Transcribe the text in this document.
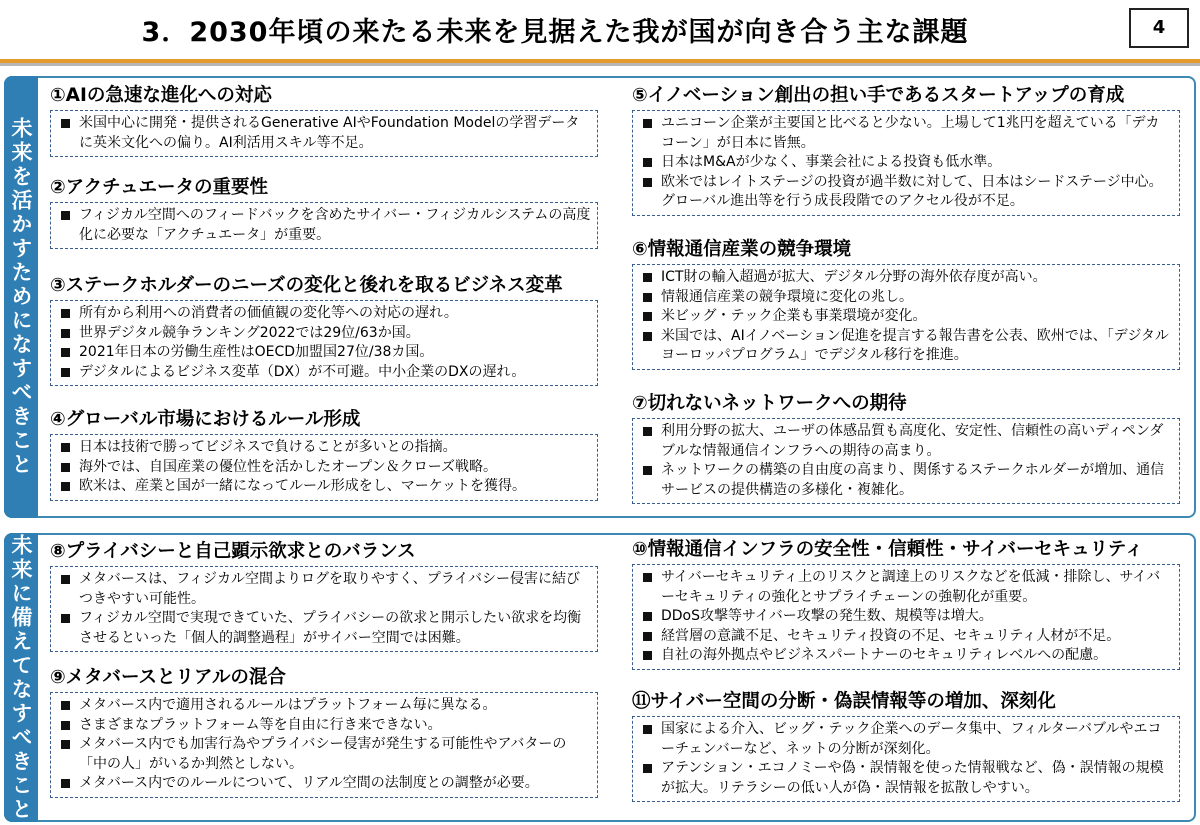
3．2030年頃の来たる未来を見据えた我が国が向き合う主な課題	4
未来を活かすためになすべきこと
未来に備えてなすべきこと
①AIの急速な進化への対応
米国中心に開発・提供されるGenerative AIやFoundation Modelの学習データに英米文化への偏り。AI利活用スキル等不足。
②アクチュエータの重要性
フィジカル空間へのフィードバックを含めたサイバー・フィジカルシステムの高度化に必要な「アクチュエータ」が重要。
③ステークホルダーのニーズの変化と後れを取るビジネス変革
所有から利用への消費者の価値観の変化等への対応の遅れ。
世界デジタル競争ランキング2022では29位/63か国。
2021年日本の労働生産性はOECD加盟国27位/38カ国。
デジタルによるビジネス変革（DX）が不可避。中小企業のDXの遅れ。
④グローバル市場におけるルール形成
日本は技術で勝ってビジネスで負けることが多いとの指摘。
海外では、自国産業の優位性を活かしたオープン＆クローズ戦略。
欧米は、産業と国が一緒になってルール形成をし、マーケットを獲得。
⑤イノベーション創出の担い手であるスタートアップの育成
ユニコーン企業が主要国と比べると少ない。上場して1兆円を超えている「デカコーン」が日本に皆無。
日本はM&Aが少なく、事業会社による投資も低水準。
欧米ではレイトステージの投資が過半数に対して、日本はシードステージ中心。グローバル進出等を行う成長段階でのアクセル役が不足。
⑥情報通信産業の競争環境
ICT財の輸入超過が拡大、デジタル分野の海外依存度が高い。
情報通信産業の競争環境に変化の兆し。
米ビッグ・テック企業も事業環境が変化。
米国では、AIイノベーション促進を提言する報告書を公表、欧州では、「デジタルヨーロッパプログラム」でデジタル移行を推進。
⑦切れないネットワークへの期待
利用分野の拡大、ユーザの体感品質も高度化、安定性、信頼性の高いディペンダブルな情報通信インフラへの期待の高まり。
ネットワークの構築の自由度の高まり、関係するステークホルダーが増加、通信サービスの提供構造の多様化・複雑化。
⑧プライバシーと自己顕示欲求とのバランス
メタバースは、フィジカル空間よりログを取りやすく、プライバシー侵害に結びつきやすい可能性。
フィジカル空間で実現できていた、プライバシーの欲求と開示したい欲求を均衡させるといった「個人的調整過程」がサイバー空間では困難。
⑨メタバースとリアルの混合
メタバース内で適用されるルールはプラットフォーム毎に異なる。
さまざまなプラットフォーム等を自由に行き来できない。
メタバース内でも加害行為やプライバシー侵害が発生する可能性やアバターの「中の人」がいるか判然としない。
メタバース内でのルールについて、リアル空間の法制度との調整が必要。
⑩情報通信インフラの安全性・信頼性・サイバーセキュリティ
サイバーセキュリティ上のリスクと調達上のリスクなどを低減・排除し、サイバーセキュリティの強化とサプライチェーンの強靭化が重要。
DDoS攻撃等サイバー攻撃の発生数、規模等は増大。
経営層の意識不足、セキュリティ投資の不足、セキュリティ人材が不足。
自社の海外拠点やビジネスパートナーのセキュリティレベルへの配慮。
⑪サイバー空間の分断・偽誤情報等の増加、深刻化
国家による介入、ビッグ・テック企業へのデータ集中、フィルターバブルやエコーチェンバーなど、ネットの分断が深刻化。
アテンション・エコノミーや偽・誤情報を使った情報戦など、偽・誤情報の規模が拡大。リテラシーの低い人が偽・誤情報を拡散しやすい。
